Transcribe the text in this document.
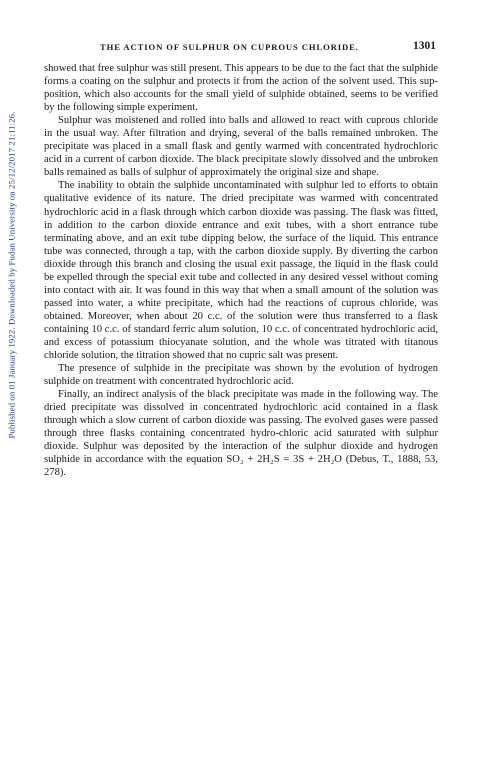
Published on 01 January 1922. Downloaded by Fudan University on 25/12/2017 21:11:26.
THE ACTION OF SULPHUR ON CUPROUS CHLORIDE.	1301

showed that free sulphur was still present. This appears to be due to the fact that the sulphide forms a coating on the sulphur and protects it from the action of the solvent used. This sup-position, which also accounts for the small yield of sulphide obtained, seems to be verified by the following simple experiment.

Sulphur was moistened and rolled into balls and allowed to react with cuprous chloride in the usual way. After filtration and drying, several of the balls remained unbroken. The precipitate was placed in a small flask and gently warmed with concentrated hydrochloric acid in a current of carbon dioxide. The black precipitate slowly dissolved and the unbroken balls remained as balls of sulphur of approximately the original size and shape.

The inability to obtain the sulphide uncontaminated with sulphur led to efforts to obtain qualitative evidence of its nature. The dried precipitate was warmed with concentrated hydrochloric acid in a flask through which carbon dioxide was passing. The flask was fitted, in addition to the carbon dioxide entrance and exit tubes, with a short entrance tube terminating above, and an exit tube dipping below, the surface of the liquid. This entrance tube was connected, through a tap, with the carbon dioxide supply. By diverting the carbon dioxide through this branch and closing the usual exit passage, the liquid in the flask could be expelled through the special exit tube and collected in any desired vessel without coming into contact with air. It was found in this way that when a small amount of the solution was passed into water, a white precipitate, which had the reactions of cuprous chloride, was obtained. Moreover, when about 20 c.c. of the solution were thus transferred to a flask containing 10 c.c. of standard ferric alum solution, 10 c.c. of concentrated hydrochloric acid, and excess of potassium thiocyanate solution, and the whole was titrated with titanous chloride solution, the titration showed that no cupric salt was present.

The presence of sulphide in the precipitate was shown by the evolution of hydrogen sulphide on treatment with concentrated hydrochloric acid.

Finally, an indirect analysis of the black precipitate was made in the following way. The dried precipitate was dissolved in concentrated hydrochloric acid contained in a flask through which a slow current of carbon dioxide was passing. The evolved gases were passed through three flasks containing concentrated hydro-chloric acid saturated with sulphur dioxide. Sulphur was deposited by the interaction of the sulphur dioxide and hydrogen sulphide in accordance with the equation SO₂ + 2H₂S = 3S + 2H₂O (Debus, T., 1888, 53, 278).
